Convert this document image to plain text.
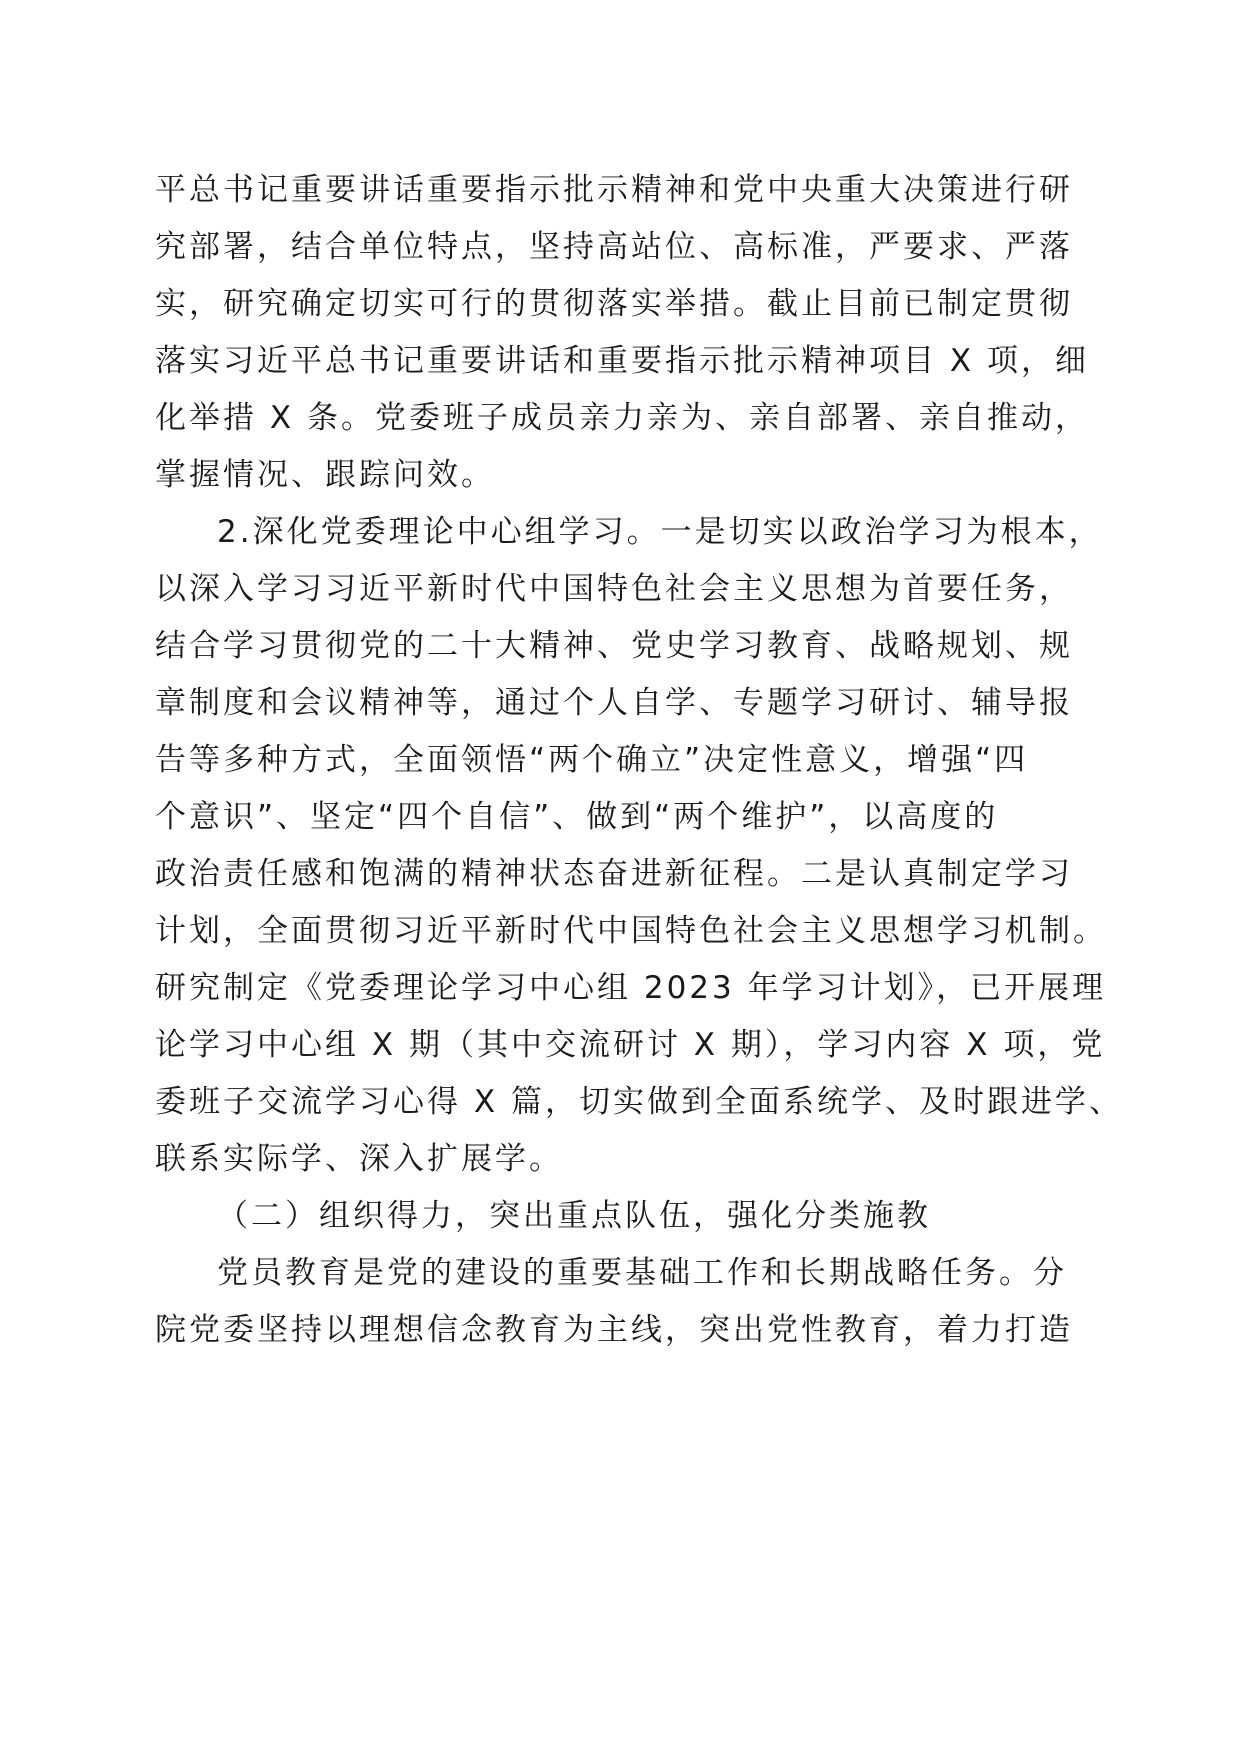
平总书记重要讲话重要指示批示精神和党中央重大决策进行研
究部署，结合单位特点，坚持高站位、高标准，严要求、严落
实，研究确定切实可行的贯彻落实举措。截止目前已制定贯彻
落实习近平总书记重要讲话和重要指示批示精神项目 X 项，细
化举措 X 条。党委班子成员亲力亲为、亲自部署、亲自推动，
掌握情况、跟踪问效。
2.深化党委理论中心组学习。一是切实以政治学习为根本，
以深入学习习近平新时代中国特色社会主义思想为首要任务，
结合学习贯彻党的二十大精神、党史学习教育、战略规划、规
章制度和会议精神等，通过个人自学、专题学习研讨、辅导报
告等多种方式，全面领悟“两个确立”决定性意义，增强“四
个意识”、坚定“四个自信”、做到“两个维护”，以高度的
政治责任感和饱满的精神状态奋进新征程。二是认真制定学习
计划，全面贯彻习近平新时代中国特色社会主义思想学习机制。
研究制定《党委理论学习中心组 2023 年学习计划》，已开展理
论学习中心组 X 期（其中交流研讨 X 期），学习内容 X 项，党
委班子交流学习心得 X 篇，切实做到全面系统学、及时跟进学、
联系实际学、深入扩展学。
（二）组织得力，突出重点队伍，强化分类施教
党员教育是党的建设的重要基础工作和长期战略任务。分
院党委坚持以理想信念教育为主线，突出党性教育，着力打造
